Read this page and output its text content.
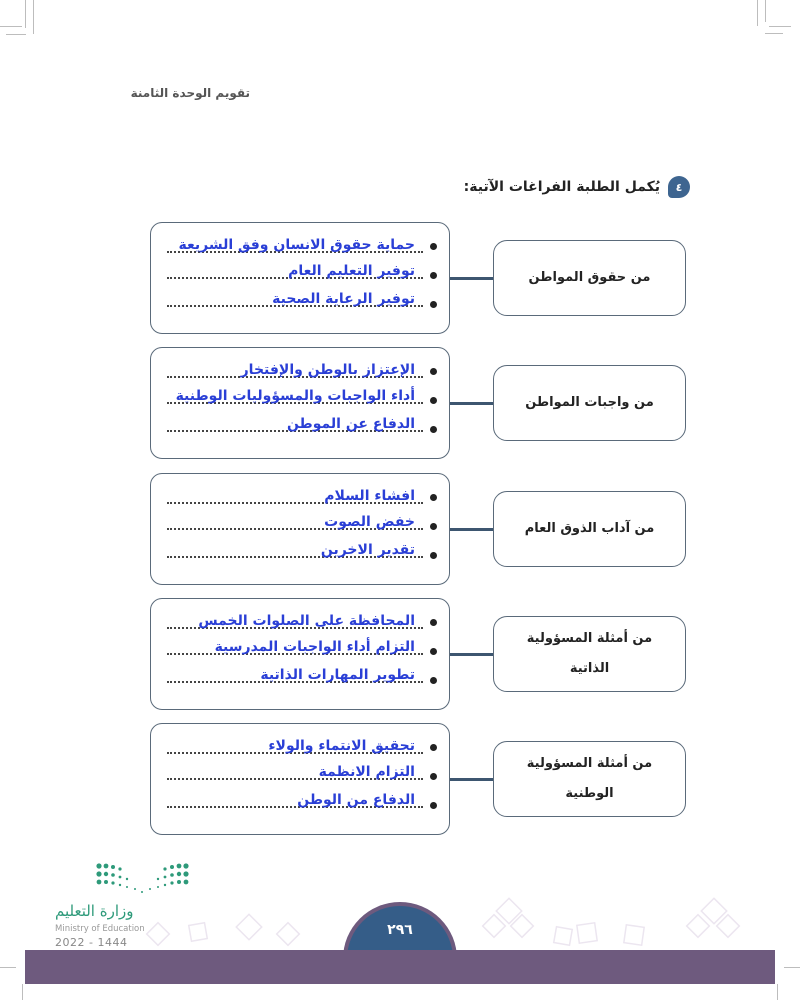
تقويم الوحدة الثامنة
٤
يُكمل الطلبة الفراغات الآتية:
حماية حقوق الانسان وفق الشريعة
توفير التعليم العام
توفير الرعاية الصحية
من حقوق المواطن
الإعتزاز بالوطن والإفتخار
أداء الواجبات والمسؤوليات الوطنية
الدفاع عن الموطن
من واجبات المواطن
افشاء السلام
خفض الصوت
تقدير الاخرين
من آداب الذوق العام
المحافظة على الصلوات الخمس
التزام أداء الواجبات المدرسية
تطوير المهارات الذاتية
من أمثلة المسؤولية الذاتية
تحقيق الانتماء والولاء
التزام الانظمة
الدفاع من الوطن
من أمثلة المسؤولية الوطنية
٢٩٦
وزارة التعليم
Ministry of Education
2022 - 1444
